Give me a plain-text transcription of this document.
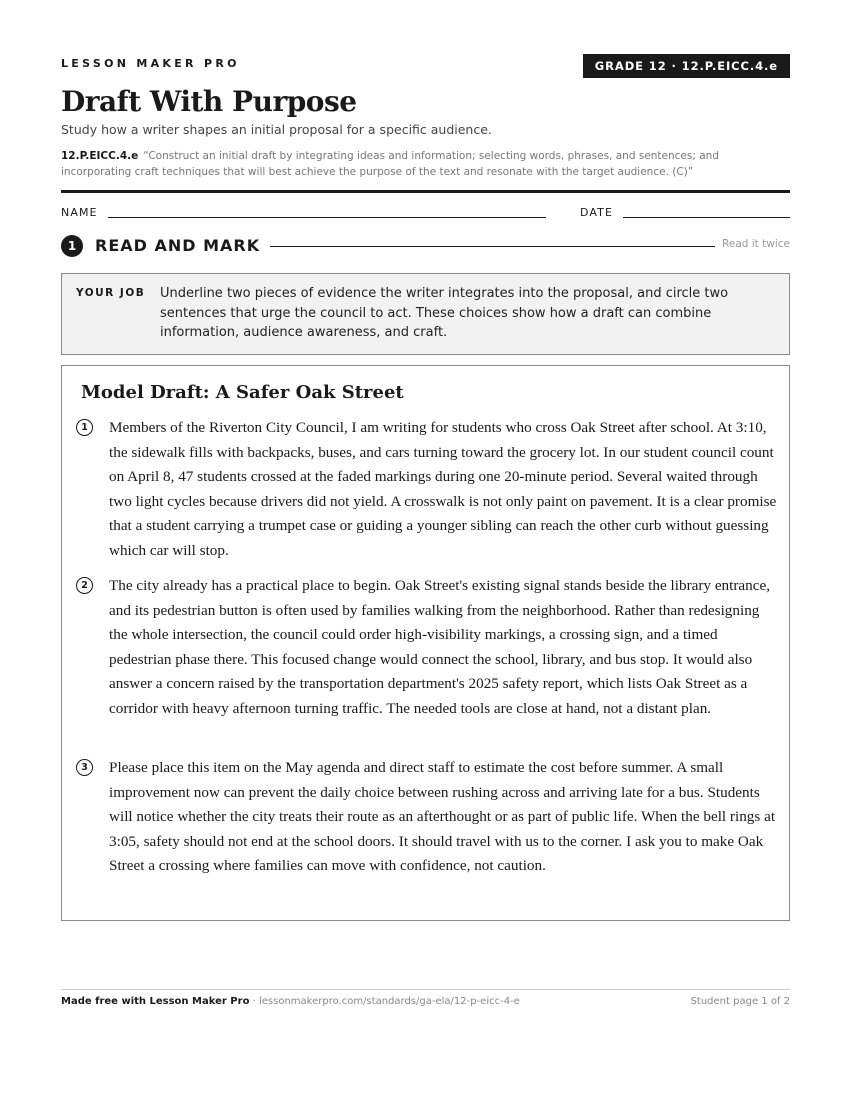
LESSON MAKER PRO	GRADE 12 · 12.P.EICC.4.e
Draft With Purpose
Study how a writer shapes an initial proposal for a specific audience.
12.P.EICC.4.e “Construct an initial draft by integrating ideas and information; selecting words, phrases, and sentences; and incorporating craft techniques that will best achieve the purpose of the text and resonate with the target audience. (C)”
NAME	DATE
1	READ AND MARK	Read it twice
YOUR JOB Underline two pieces of evidence the writer integrates into the proposal, and circle two sentences that urge the council to act. These choices show how a draft can combine information, audience awareness, and craft.
Model Draft: A Safer Oak Street
1	Members of the Riverton City Council, I am writing for students who cross Oak Street after school. At 3:10, the sidewalk fills with backpacks, buses, and cars turning toward the grocery lot. In our student council count on April 8, 47 students crossed at the faded markings during one 20-minute period. Several waited through two light cycles because drivers did not yield. A crosswalk is not only paint on pavement. It is a clear promise that a student carrying a trumpet case or guiding a younger sibling can reach the other curb without guessing which car will stop.

2	The city already has a practical place to begin. Oak Street's existing signal stands beside the library entrance, and its pedestrian button is often used by families walking from the neighborhood. Rather than redesigning the whole intersection, the council could order high-visibility markings, a crossing sign, and a timed pedestrian phase there. This focused change would connect the school, library, and bus stop. It would also answer a concern raised by the transportation department's 2025 safety report, which lists Oak Street as a corridor with heavy afternoon turning traffic. The needed tools are close at hand, not a distant plan.

3	Please place this item on the May agenda and direct staff to estimate the cost before summer. A small improvement now can prevent the daily choice between rushing across and arriving late for a bus. Students will notice whether the city treats their route as an afterthought or as part of public life. When the bell rings at 3:05, safety should not end at the school doors. It should travel with us to the corner. I ask you to make Oak Street a crossing where families can move with confidence, not caution.

Made free with Lesson Maker Pro · lessonmakerpro.com/standards/ga-ela/12-p-eicc-4-e	Student page 1 of 2
